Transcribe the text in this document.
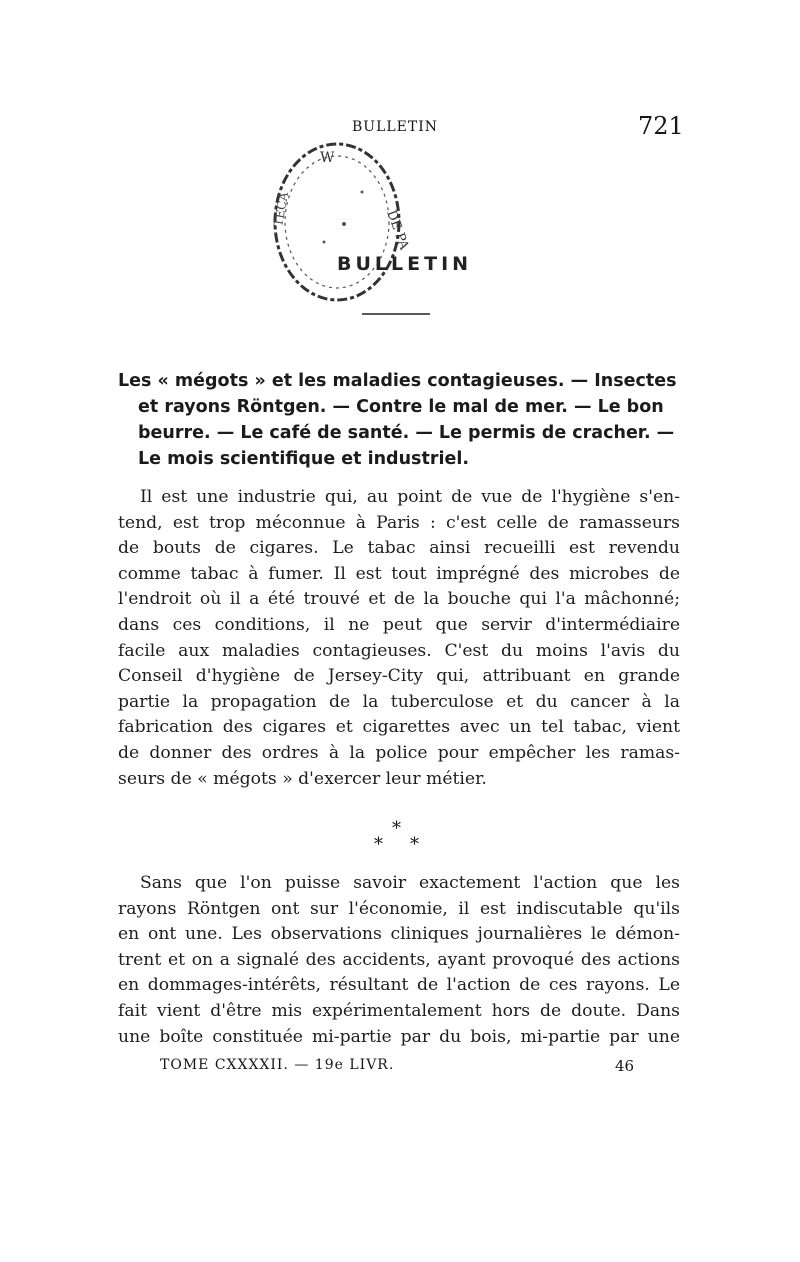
BULLETIN	721
W
DE PA
TECA
BULLETIN
Les « mégots » et les maladies contagieuses. — Insectes
et rayons Röntgen. — Contre le mal de mer. — Le bon
beurre. — Le café de santé. — Le permis de cracher. —
Le mois scientifique et industriel.
Il est une industrie qui, au point de vue de l'hygiène s'en-
tend, est trop méconnue à Paris : c'est celle de ramasseurs
de bouts de cigares. Le tabac ainsi recueilli est revendu
comme tabac à fumer. Il est tout imprégné des microbes de
l'endroit où il a été trouvé et de la bouche qui l'a mâchonné;
dans ces conditions, il ne peut que servir d'intermédiaire
facile aux maladies contagieuses. C'est du moins l'avis du
Conseil d'hygiène de Jersey-City qui, attribuant en grande
partie la propagation de la tuberculose et du cancer à la
fabrication des cigares et cigarettes avec un tel tabac, vient
de donner des ordres à la police pour empêcher les ramas-
seurs de « mégots » d'exercer leur métier.
*
* *
Sans que l'on puisse savoir exactement l'action que les
rayons Röntgen ont sur l'économie, il est indiscutable qu'ils
en ont une. Les observations cliniques journalières le démon-
trent et on a signalé des accidents, ayant provoqué des actions
en dommages-intérêts, résultant de l'action de ces rayons. Le
fait vient d'être mis expérimentalement hors de doute. Dans
une boîte constituée mi-partie par du bois, mi-partie par une
TOME CXXXXII. — 19e LIVR.	46
